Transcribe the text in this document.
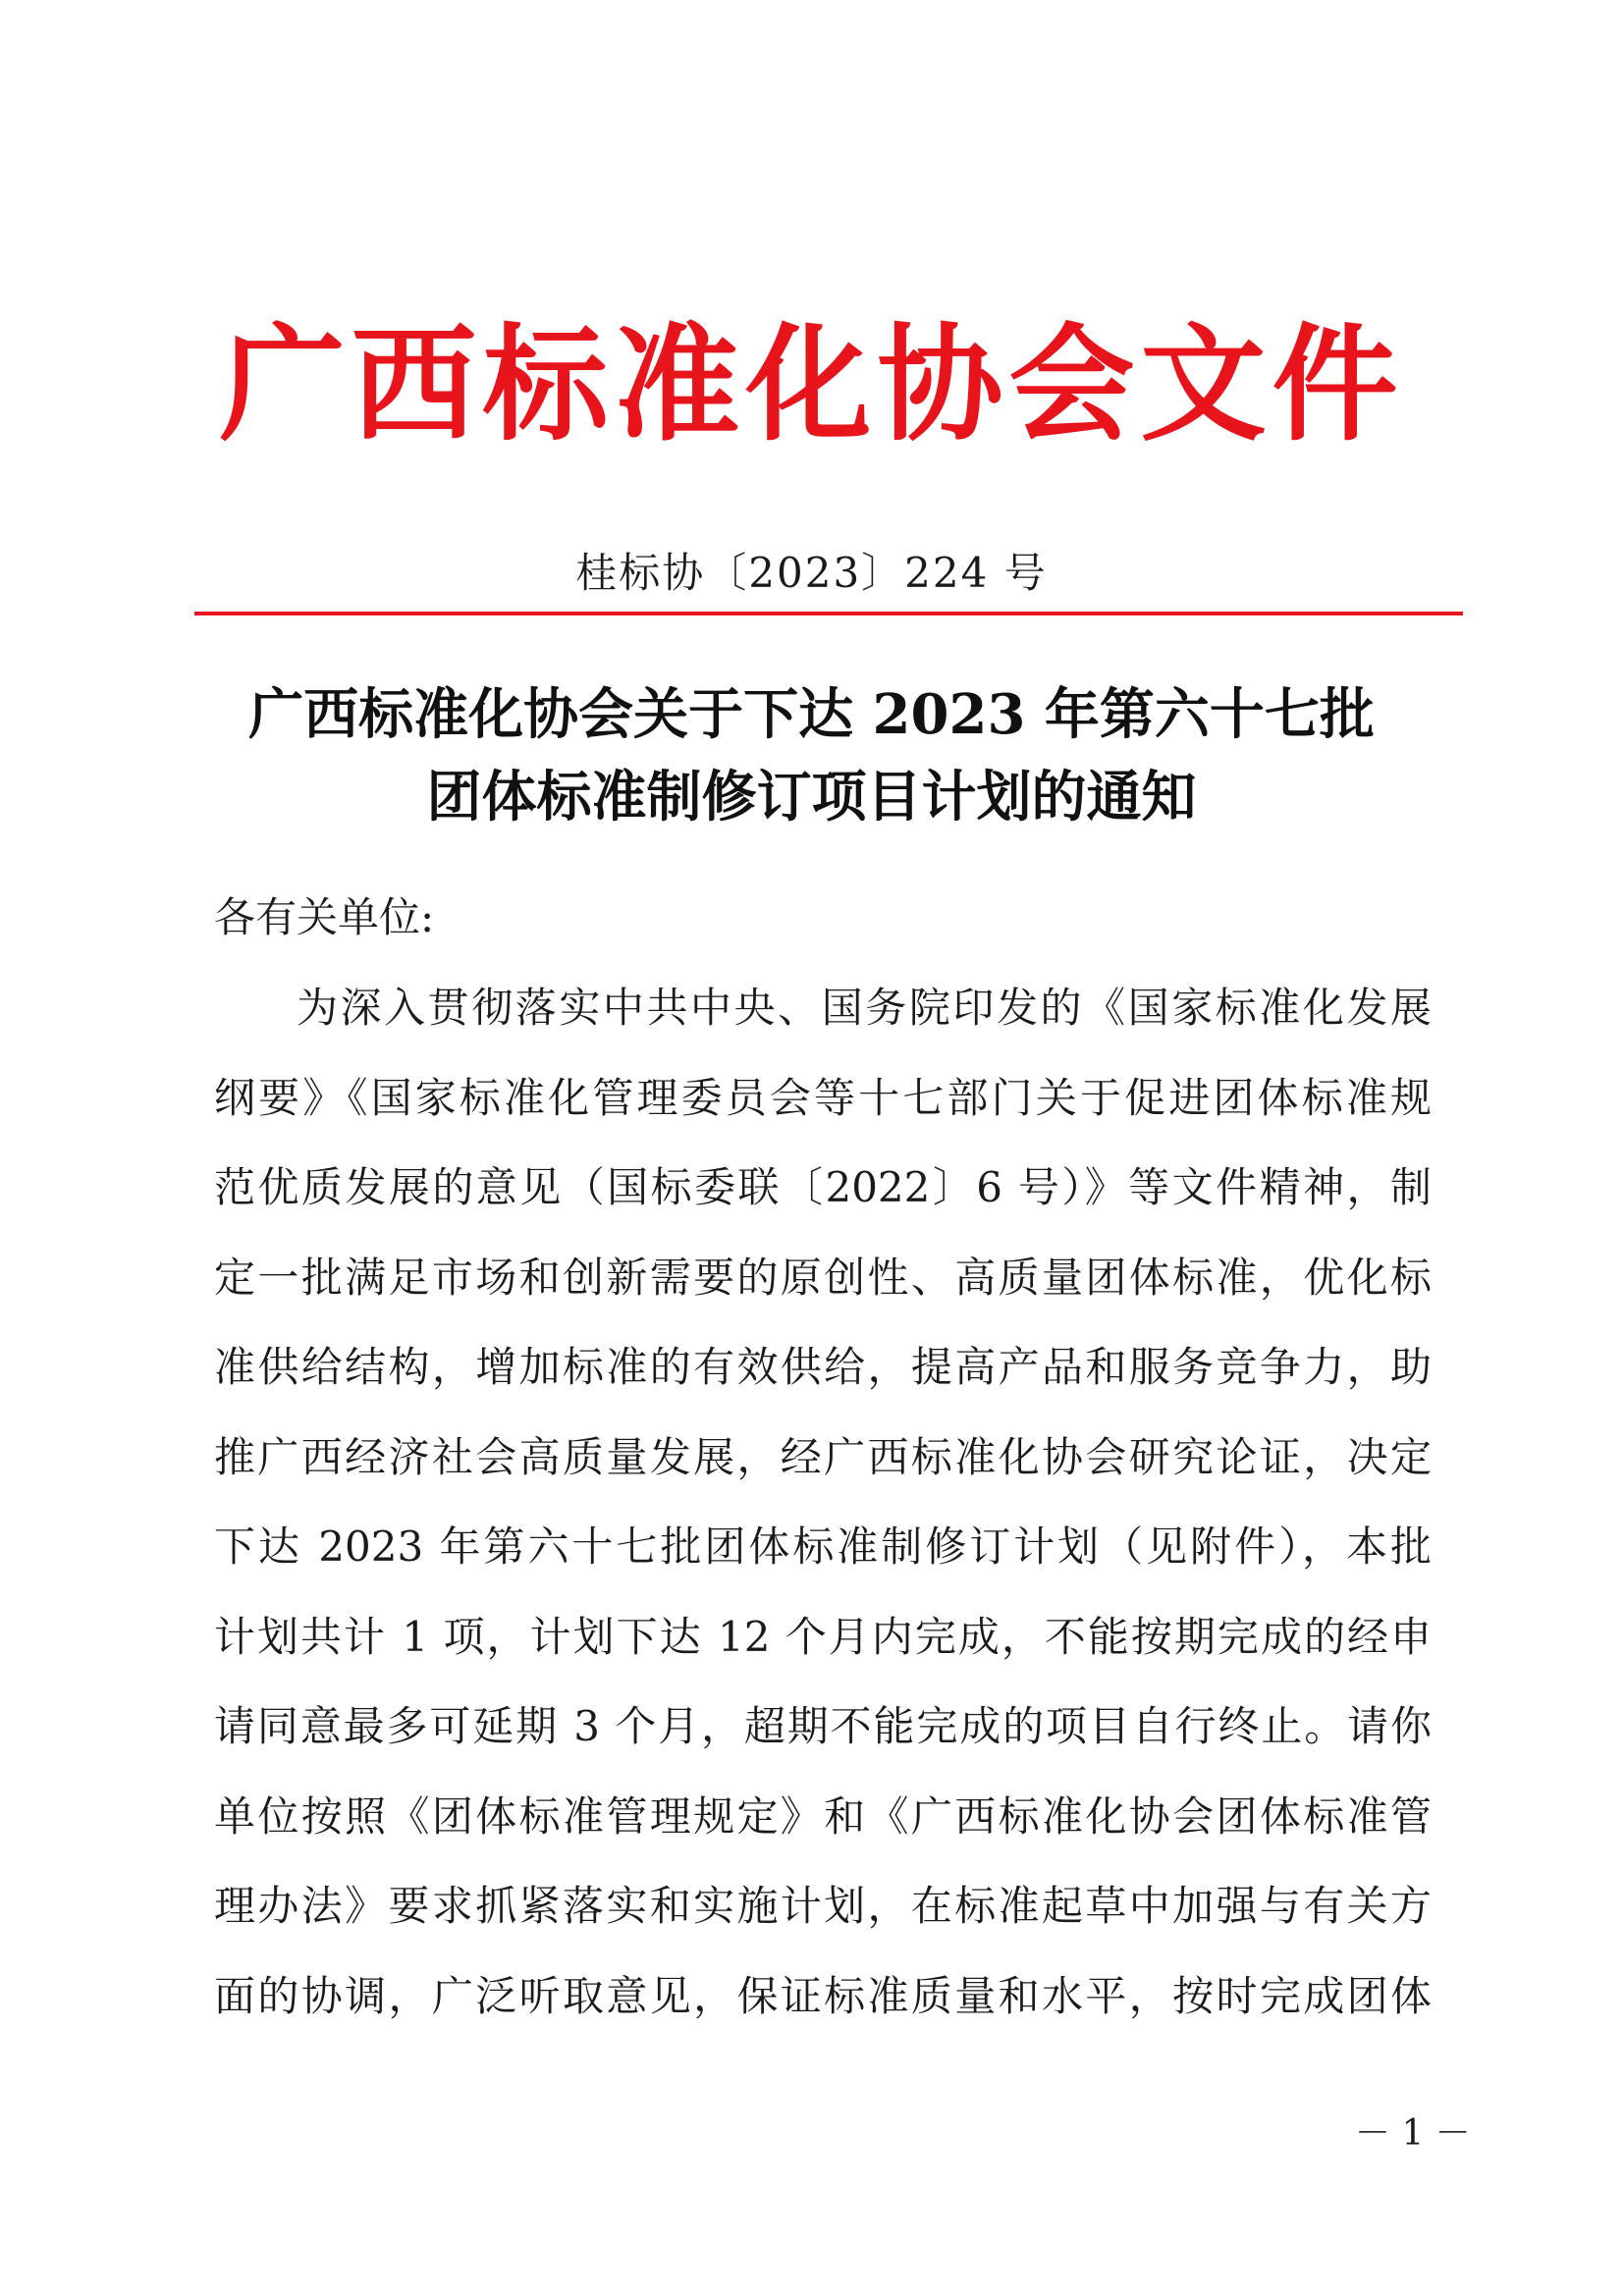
广西标准化协会文件
桂标协〔2023〕224 号
广西标准化协会关于下达 2023 年第六十七批
团体标准制修订项目计划的通知
各有关单位:
为深入贯彻落实中共中央、国务院印发的《国家标准化发展
纲要》《国家标准化管理委员会等十七部门关于促进团体标准规
范优质发展的意见（国标委联〔2022〕6 号）》等文件精神，制
定一批满足市场和创新需要的原创性、高质量团体标准，优化标
准供给结构，增加标准的有效供给，提高产品和服务竞争力，助
推广西经济社会高质量发展，经广西标准化协会研究论证，决定
下达 2023 年第六十七批团体标准制修订计划（见附件），本批
计划共计 1 项，计划下达 12 个月内完成，不能按期完成的经申
请同意最多可延期 3 个月，超期不能完成的项目自行终止。请你
单位按照《团体标准管理规定》和《广西标准化协会团体标准管
理办法》要求抓紧落实和实施计划，在标准起草中加强与有关方
面的协调，广泛听取意见，保证标准质量和水平，按时完成团体
－ 1 －
